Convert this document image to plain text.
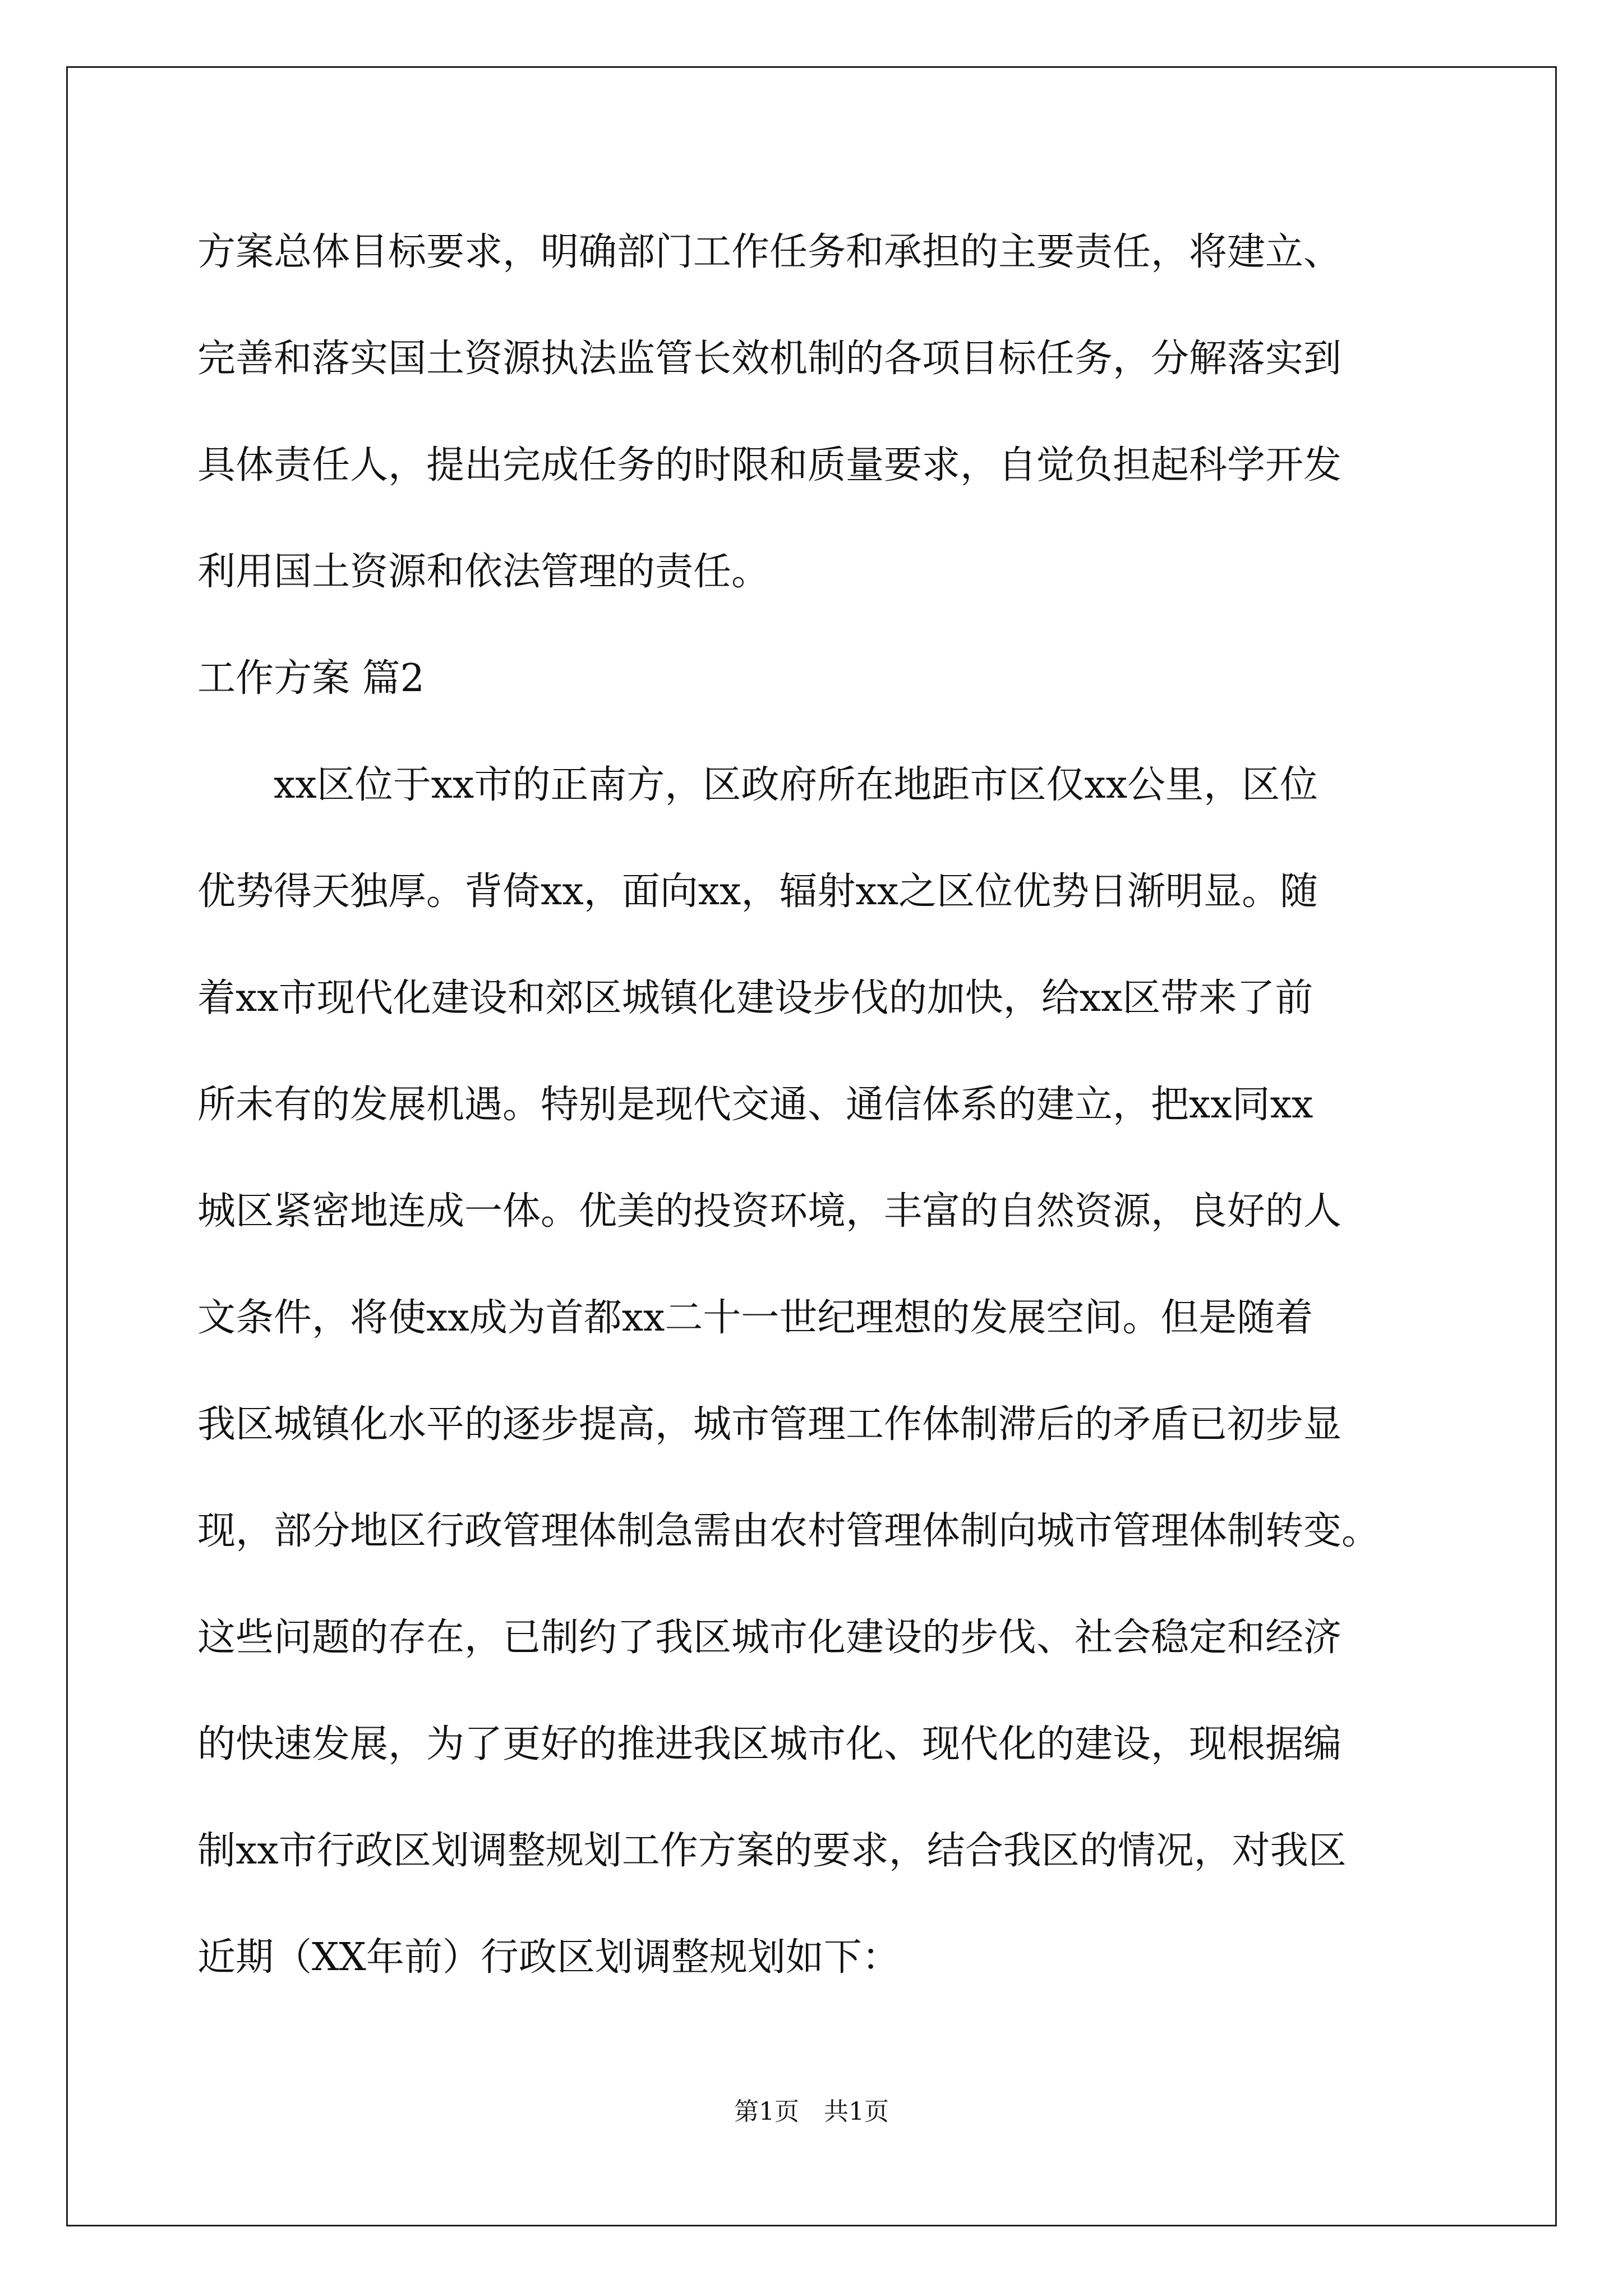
方案总体目标要求，明确部门工作任务和承担的主要责任，将建立、
完善和落实国土资源执法监管长效机制的各项目标任务，分解落实到
具体责任人，提出完成任务的时限和质量要求，自觉负担起科学开发
利用国土资源和依法管理的责任。
工作方案 篇2
xx区位于xx市的正南方，区政府所在地距市区仅xx公里，区位
优势得天独厚。背倚xx，面向xx，辐射xx之区位优势日渐明显。随
着xx市现代化建设和郊区城镇化建设步伐的加快，给xx区带来了前
所未有的发展机遇。特别是现代交通、通信体系的建立，把xx同xx
城区紧密地连成一体。优美的投资环境，丰富的自然资源，良好的人
文条件，将使xx成为首都xx二十一世纪理想的发展空间。但是随着
我区城镇化水平的逐步提高，城市管理工作体制滞后的矛盾已初步显
现，部分地区行政管理体制急需由农村管理体制向城市管理体制转变。
这些问题的存在，已制约了我区城市化建设的步伐、社会稳定和经济
的快速发展，为了更好的推进我区城市化、现代化的建设，现根据编
制xx市行政区划调整规划工作方案的要求，结合我区的情况，对我区
近期（XX年前）行政区划调整规划如下：
第1页　共1页
